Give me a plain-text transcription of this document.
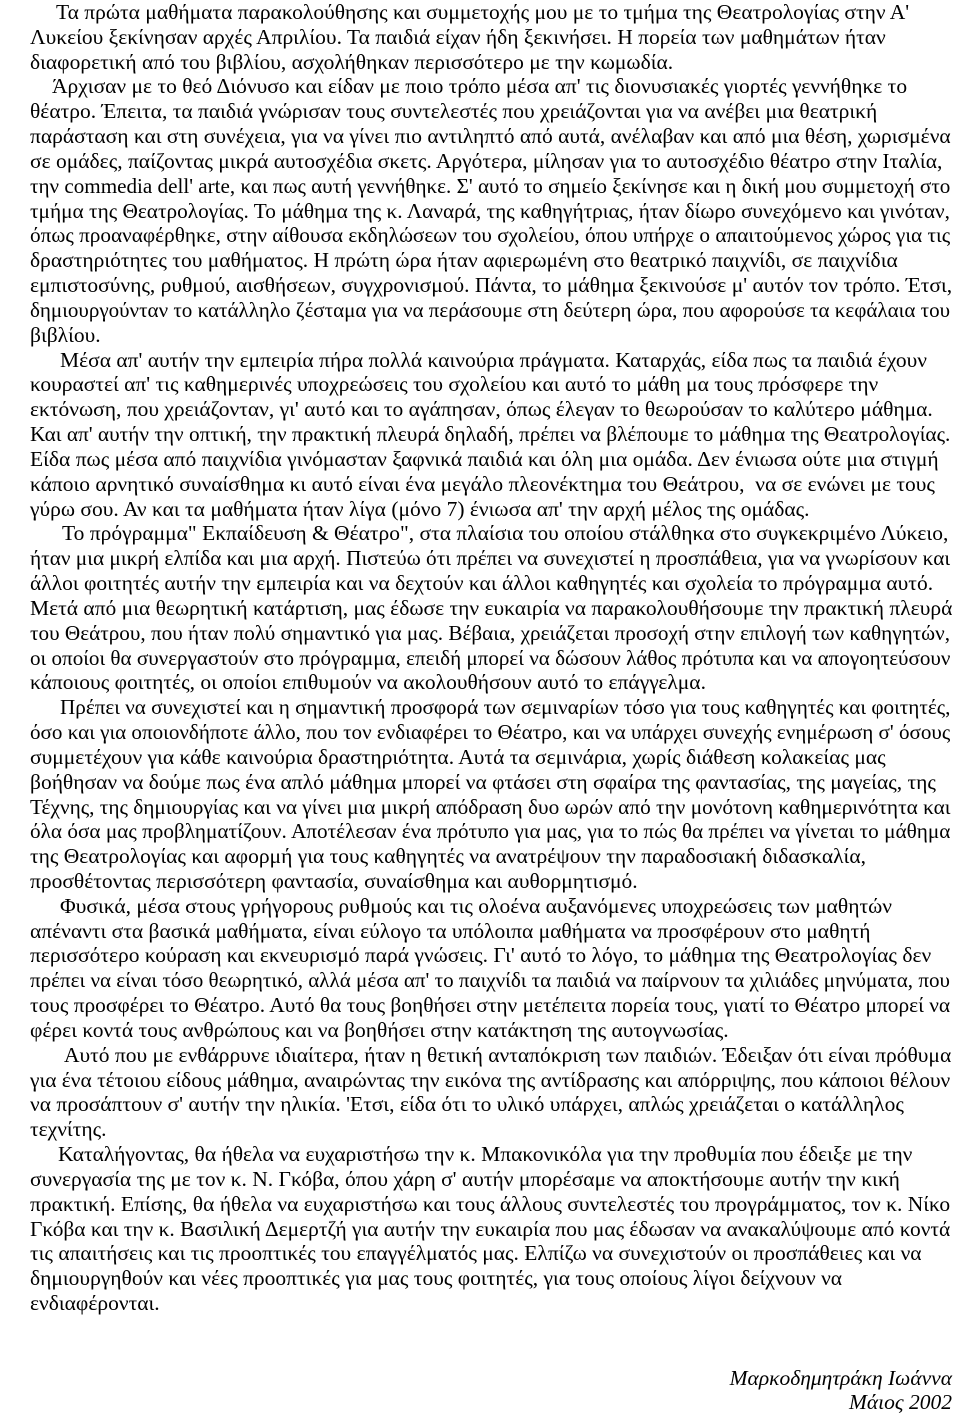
Τα πρώτα μαθήματα παρακολούθησης και συμμετοχής μου με το τμήμα της Θεατρολογίας στην Α'
Λυκείου ξεκίνησαν αρχές Απριλίου. Τα παιδιά είχαν ήδη ξεκινήσει. Η πορεία των μαθημάτων ήταν
διαφορετική από του βιβλίου, ασχολήθηκαν περισσότερο με την κωμωδία.
Άρχισαν με το θεό Διόνυσο και είδαν με ποιο τρόπο μέσα απ' τις διονυσιακές γιορτές γεννήθηκε το
θέατρο. Έπειτα, τα παιδιά γνώρισαν τους συντελεστές που χρειάζονται για να ανέβει μια θεατρική
παράσταση και στη συνέχεια, για να γίνει πιο αντιληπτό από αυτά, ανέλαβαν και από μια θέση, χωρισμένα
σε ομάδες, παίζοντας μικρά αυτοσχέδια σκετς. Αργότερα, μίλησαν για το αυτοσχέδιο θέατρο στην Ιταλία,
την commedia dell' arte, και πως αυτή γεννήθηκε. Σ' αυτό το σημείο ξεκίνησε και η δική μου συμμετοχή στο
τμήμα της Θεατρολογίας. Το μάθημα της κ. Λαναρά, της καθηγήτριας, ήταν δίωρο συνεχόμενο και γινόταν,
όπως προαναφέρθηκε, στην αίθουσα εκδηλώσεων του σχολείου, όπου υπήρχε ο απαιτούμενος χώρος για τις
δραστηριότητες του μαθήματος. Η πρώτη ώρα ήταν αφιερωμένη στο θεατρικό παιχνίδι, σε παιχνίδια
εμπιστοσύνης, ρυθμού, αισθήσεων, συγχρονισμού. Πάντα, το μάθημα ξεκινούσε μ' αυτόν τον τρόπο. Έτσι,
δημιουργούνταν το κατάλληλο ζέσταμα για να περάσουμε στη δεύτερη ώρα, που αφορούσε τα κεφάλαια του
βιβλίου.
Μέσα απ' αυτήν την εμπειρία πήρα πολλά καινούρια πράγματα. Καταρχάς, είδα πως τα παιδιά έχουν
κουραστεί απ' τις καθημερινές υποχρεώσεις του σχολείου και αυτό το μάθη μα τους πρόσφερε την
εκτόνωση, που χρειάζονταν, γι' αυτό και το αγάπησαν, όπως έλεγαν το θεωρούσαν το καλύτερο μάθημα.
Και απ' αυτήν την οπτική, την πρακτική πλευρά δηλαδή, πρέπει να βλέπουμε το μάθημα της Θεατρολογίας.
Είδα πως μέσα από παιχνίδια γινόμασταν ξαφνικά παιδιά και όλη μια ομάδα. Δεν ένιωσα ούτε μια στιγμή
κάποιο αρνητικό συναίσθημα κι αυτό είναι ένα μεγάλο πλεονέκτημα του Θεάτρου,  να σε ενώνει με τους
γύρω σου. Αν και τα μαθήματα ήταν λίγα (μόνο 7) ένιωσα απ' την αρχή μέλος της ομάδας.
Το πρόγραμμα" Εκπαίδευση & Θέατρο", στα πλαίσια του οποίου στάλθηκα στο συγκεκριμένο Λύκειο,
ήταν μια μικρή ελπίδα και μια αρχή. Πιστεύω ότι πρέπει να συνεχιστεί η προσπάθεια, για να γνωρίσουν και
άλλοι φοιτητές αυτήν την εμπειρία και να δεχτούν και άλλοι καθηγητές και σχολεία το πρόγραμμα αυτό.
Μετά από μια θεωρητική κατάρτιση, μας έδωσε την ευκαιρία να παρακολουθήσουμε την πρακτική πλευρά
του Θεάτρου, που ήταν πολύ σημαντικό για μας. Βέβαια, χρειάζεται προσοχή στην επιλογή των καθηγητών,
οι οποίοι θα συνεργαστούν στο πρόγραμμα, επειδή μπορεί να δώσουν λάθος πρότυπα και να απογοητεύσουν
κάποιους φοιτητές, οι οποίοι επιθυμούν να ακολουθήσουν αυτό το επάγγελμα.
Πρέπει να συνεχιστεί και η σημαντική προσφορά των σεμιναρίων τόσο για τους καθηγητές και φοιτητές,
όσο και για οποιονδήποτε άλλο, που τον ενδιαφέρει το Θέατρο, και να υπάρχει συνεχής ενημέρωση σ' όσους
συμμετέχουν για κάθε καινούρια δραστηριότητα. Αυτά τα σεμινάρια, χωρίς διάθεση κολακείας μας
βοήθησαν να δούμε πως ένα απλό μάθημα μπορεί να φτάσει στη σφαίρα της φαντασίας, της μαγείας, της
Τέχνης, της δημιουργίας και να γίνει μια μικρή απόδραση δυο ωρών από την μονότονη καθημερινότητα και
όλα όσα μας προβληματίζουν. Αποτέλεσαν ένα πρότυπο για μας, για το πώς θα πρέπει να γίνεται το μάθημα
της Θεατρολογίας και αφορμή για τους καθηγητές να ανατρέψουν την παραδοσιακή διδασκαλία,
προσθέτοντας περισσότερη φαντασία, συναίσθημα και αυθορμητισμό.
Φυσικά, μέσα στους γρήγορους ρυθμούς και τις ολοένα αυξανόμενες υποχρεώσεις των μαθητών
απέναντι στα βασικά μαθήματα, είναι εύλογο τα υπόλοιπα μαθήματα να προσφέρουν στο μαθητή
περισσότερο κούραση και εκνευρισμό παρά γνώσεις. Γι' αυτό το λόγο, το μάθημα της Θεατρολογίας δεν
πρέπει να είναι τόσο θεωρητικό, αλλά μέσα απ' το παιχνίδι τα παιδιά να παίρνουν τα χιλιάδες μηνύματα, που
τους προσφέρει το Θέατρο. Αυτό θα τους βοηθήσει στην μετέπειτα πορεία τους, γιατί το Θέατρο μπορεί να
φέρει κοντά τους ανθρώπους και να βοηθήσει στην κατάκτηση της αυτογνωσίας.
Αυτό που με ενθάρρυνε ιδιαίτερα, ήταν η θετική ανταπόκριση των παιδιών. Έδειξαν ότι είναι πρόθυμα
για ένα τέτοιου είδους μάθημα, αναιρώντας την εικόνα της αντίδρασης και απόρριψης, που κάποιοι θέλουν
να προσάπτουν σ' αυτήν την ηλικία. 'Ετσι, είδα ότι το υλικό υπάρχει, απλώς χρειάζεται ο κατάλληλος
τεχνίτης.
Καταλήγοντας, θα ήθελα να ευχαριστήσω την κ. Μπακονικόλα για την προθυμία που έδειξε με την
συνεργασία της με τον κ. Ν. Γκόβα, όπου χάρη σ' αυτήν μπορέσαμε να αποκτήσουμε αυτήν την κική
πρακτική. Επίσης, θα ήθελα να ευχαριστήσω και τους άλλους συντελεστές του προγράμματος, τον κ. Νίκο
Γκόβα και την κ. Βασιλική Δεμερτζή για αυτήν την ευκαιρία που μας έδωσαν να ανακαλύψουμε από κοντά
τις απαιτήσεις και τις προοπτικές του επαγγέλματός μας. Ελπίζω να συνεχιστούν οι προσπάθειες και να
δημιουργηθούν και νέες προοπτικές για μας τους φοιτητές, για τους οποίους λίγοι δείχνουν να
ενδιαφέρονται.
Μαρκοδημητράκη Ιωάννα
Μάιος 2002
